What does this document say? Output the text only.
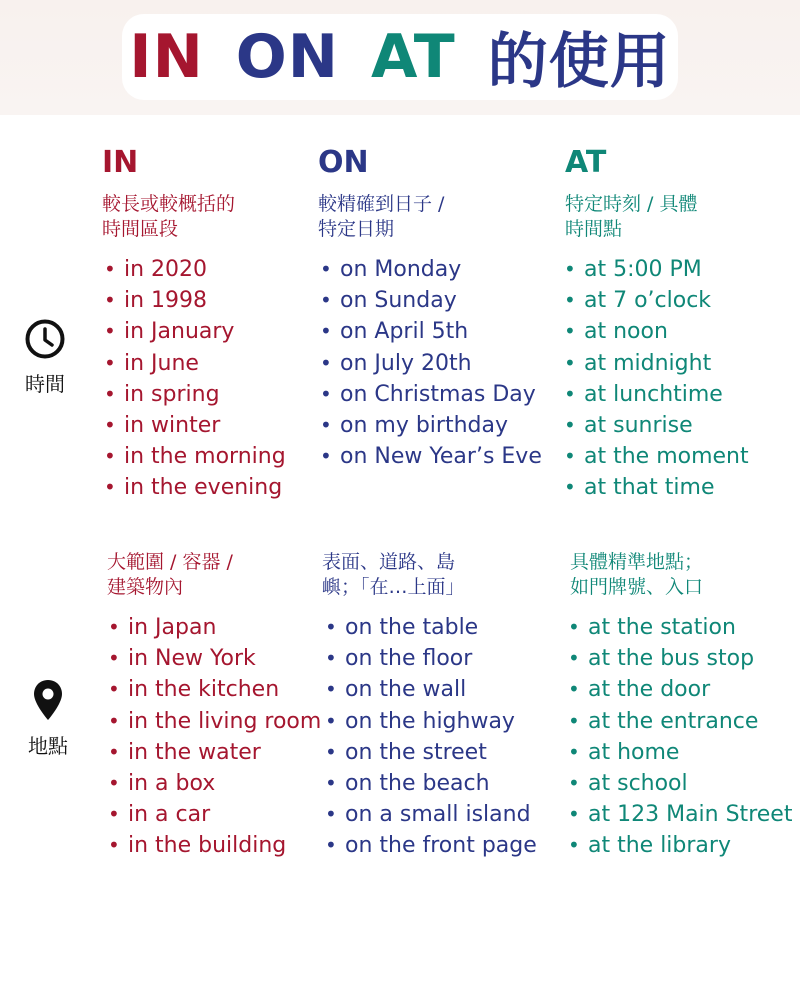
IN ON AT 的使用
IN	ON	AT
時間
地點
較長或較概括的
時間區段
較精確到日子 /
特定日期
特定時刻 / 具體
時間點
• in 2020
• in 1998
• in January
• in June
• in spring
• in winter
• in the morning
• in the evening
• on Monday
• on Sunday
• on April 5th
• on July 20th
• on Christmas Day
• on my birthday
• on New Year’s Eve
• at 5:00 PM
• at 7 o’clock
• at noon
• at midnight
• at lunchtime
• at sunrise
• at the moment
• at that time
大範圍 / 容器 /
建築物內
表面、道路、島
嶼；「在…上面」
具體精準地點；
如門牌號、入口
• in Japan
• in New York
• in the kitchen
• in the living room
• in the water
• in a box
• in a car
• in the building
• on the table
• on the floor
• on the wall
• on the highway
• on the street
• on the beach
• on a small island
• on the front page
• at the station
• at the bus stop
• at the door
• at the entrance
• at home
• at school
• at 123 Main Street
• at the library
